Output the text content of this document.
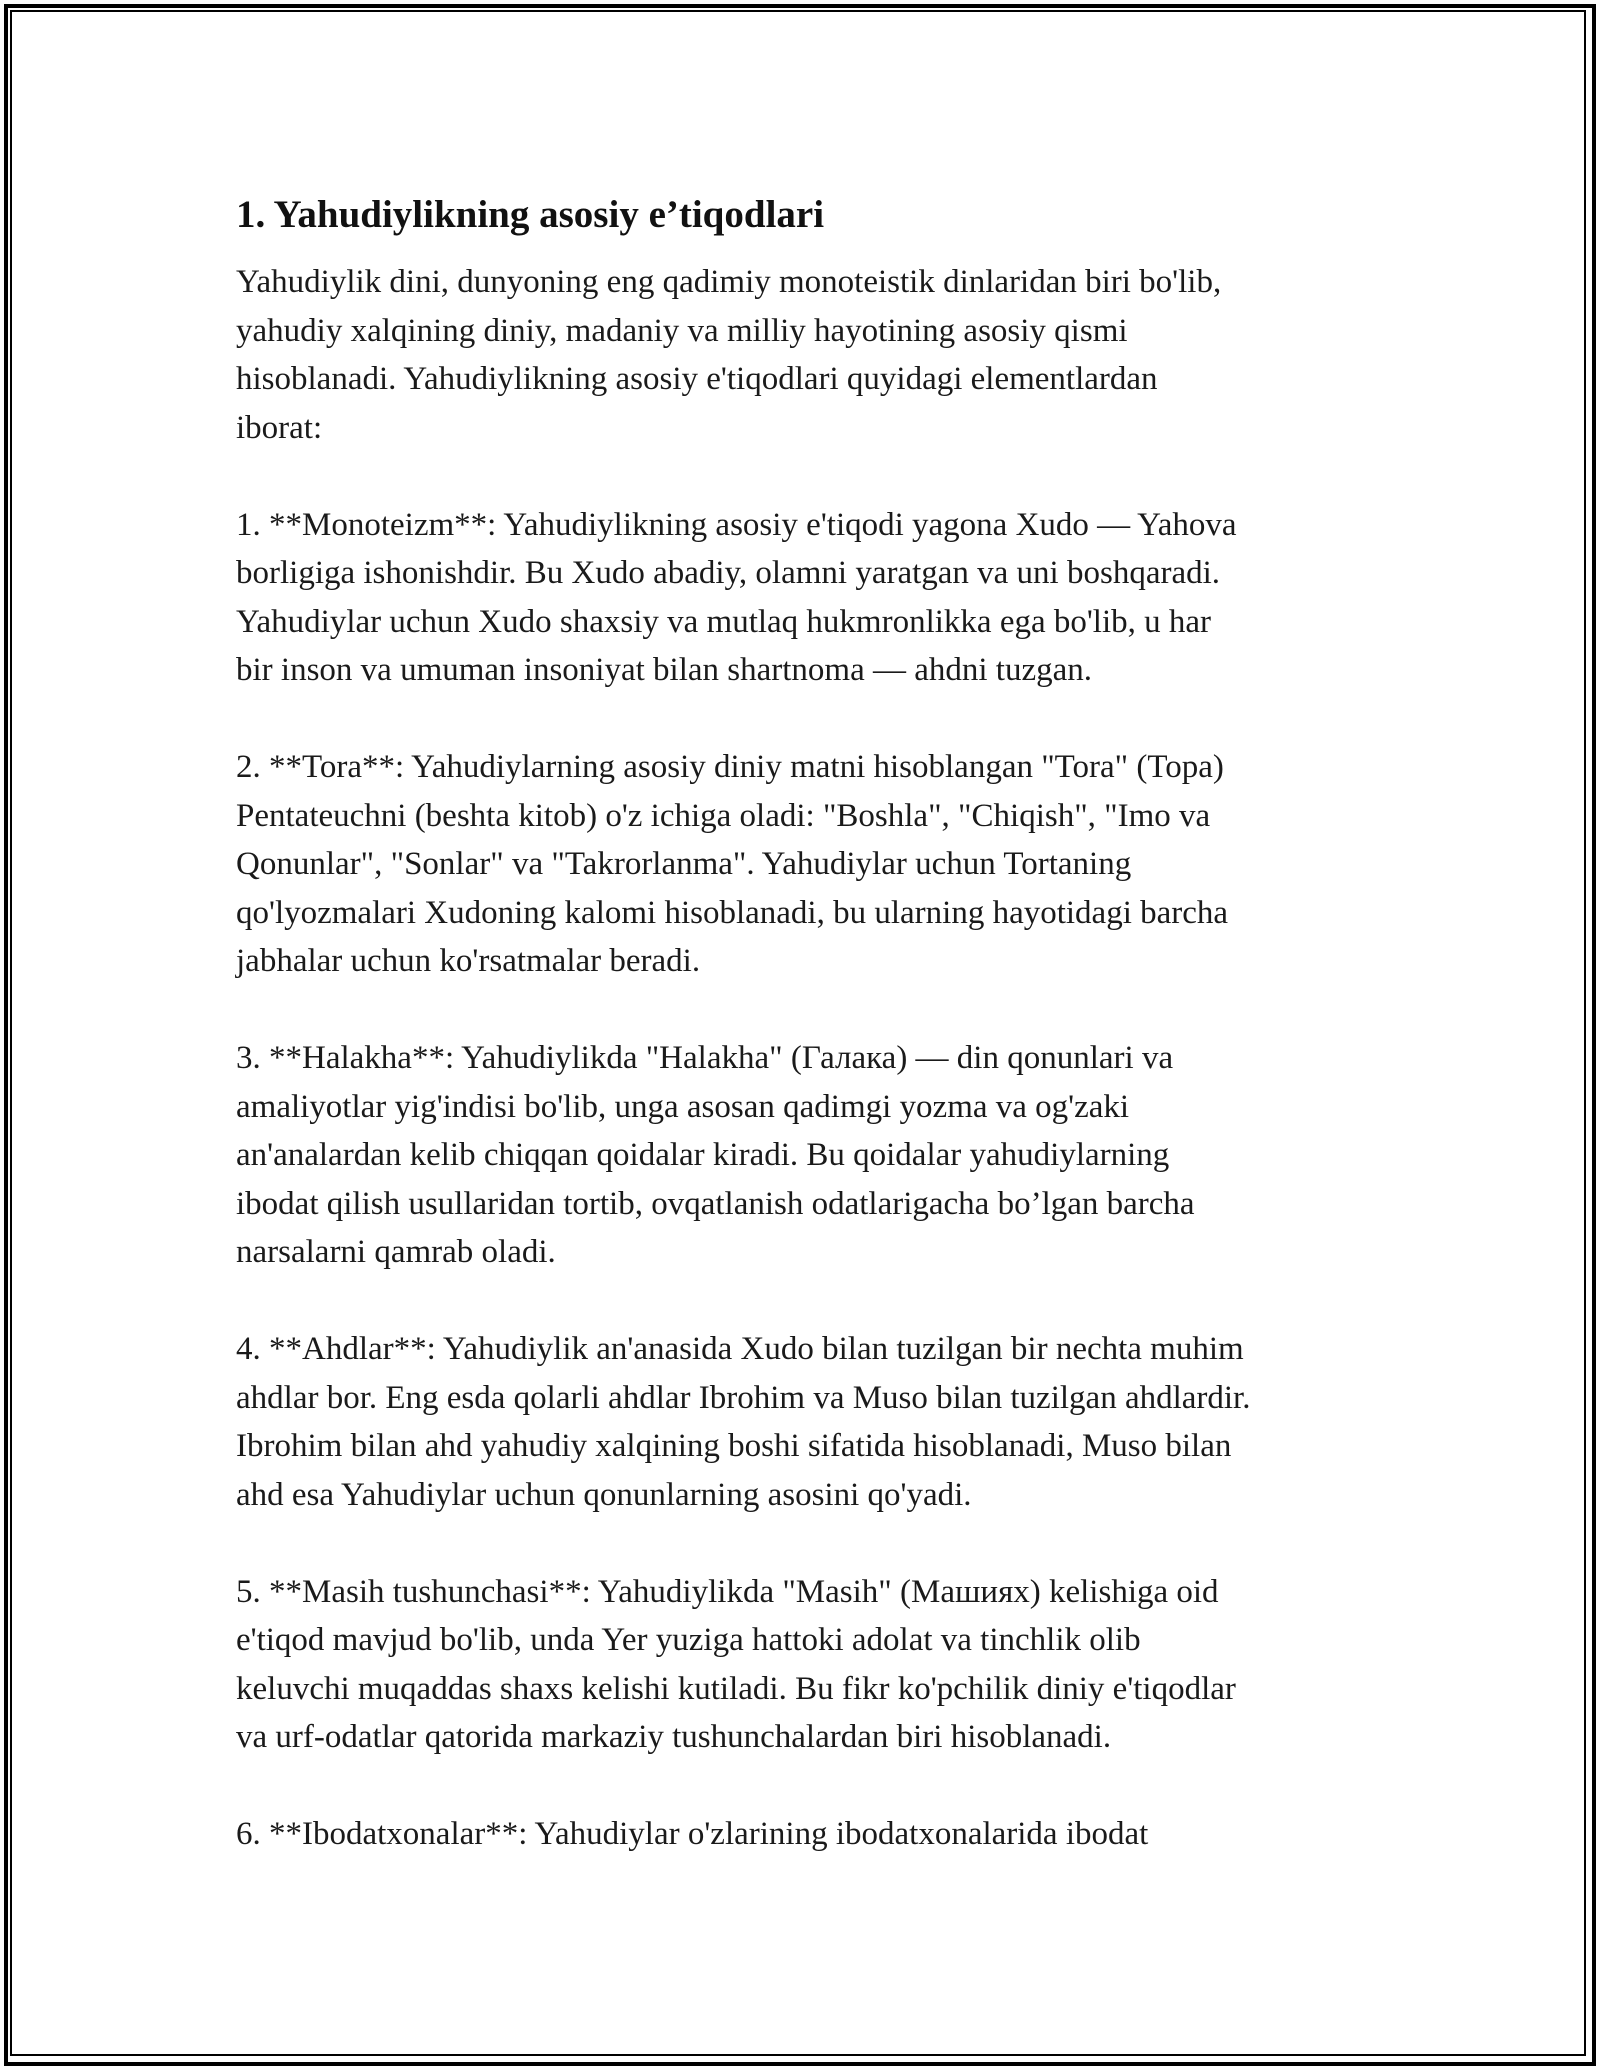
1. Yahudiylikning asosiy e’tiqodlari

Yahudiylik dini, dunyoning eng qadimiy monoteistik dinlaridan biri bo'lib,
yahudiy xalqining diniy, madaniy va milliy hayotining asosiy qismi
hisoblanadi. Yahudiylikning asosiy e'tiqodlari quyidagi elementlardan
iborat:

1. **Monoteizm**: Yahudiylikning asosiy e'tiqodi yagona Xudo — Yahova
borligiga ishonishdir. Bu Xudo abadiy, olamni yaratgan va uni boshqaradi.
Yahudiylar uchun Xudo shaxsiy va mutlaq hukmronlikka ega bo'lib, u har
bir inson va umuman insoniyat bilan shartnoma — ahdni tuzgan.

2. **Tora**: Yahudiylarning asosiy diniy matni hisoblangan "Tora" (Topa)
Pentateuchni (beshta kitob) o'z ichiga oladi: "Boshla", "Chiqish", "Imo va
Qonunlar", "Sonlar" va "Takrorlanma". Yahudiylar uchun Tortaning
qo'lyozmalari Xudoning kalomi hisoblanadi, bu ularning hayotidagi barcha
jabhalar uchun ko'rsatmalar beradi.

3. **Halakha**: Yahudiylikda "Halakha" (Галака) — din qonunlari va
amaliyotlar yig'indisi bo'lib, unga asosan qadimgi yozma va og'zaki
an'analardan kelib chiqqan qoidalar kiradi. Bu qoidalar yahudiylarning
ibodat qilish usullaridan tortib, ovqatlanish odatlarigacha bo’lgan barcha
narsalarni qamrab oladi.

4. **Ahdlar**: Yahudiylik an'anasida Xudo bilan tuzilgan bir nechta muhim
ahdlar bor. Eng esda qolarli ahdlar Ibrohim va Muso bilan tuzilgan ahdlardir.
Ibrohim bilan ahd yahudiy xalqining boshi sifatida hisoblanadi, Muso bilan
ahd esa Yahudiylar uchun qonunlarning asosini qo'yadi.

5. **Masih tushunchasi**: Yahudiylikda "Masih" (Машиях) kelishiga oid
e'tiqod mavjud bo'lib, unda Yer yuziga hattoki adolat va tinchlik olib
keluvchi muqaddas shaxs kelishi kutiladi. Bu fikr ko'pchilik diniy e'tiqodlar
va urf-odatlar qatorida markaziy tushunchalardan biri hisoblanadi.

6. **Ibodatxonalar**: Yahudiylar o'zlarining ibodatxonalarida ibodat
